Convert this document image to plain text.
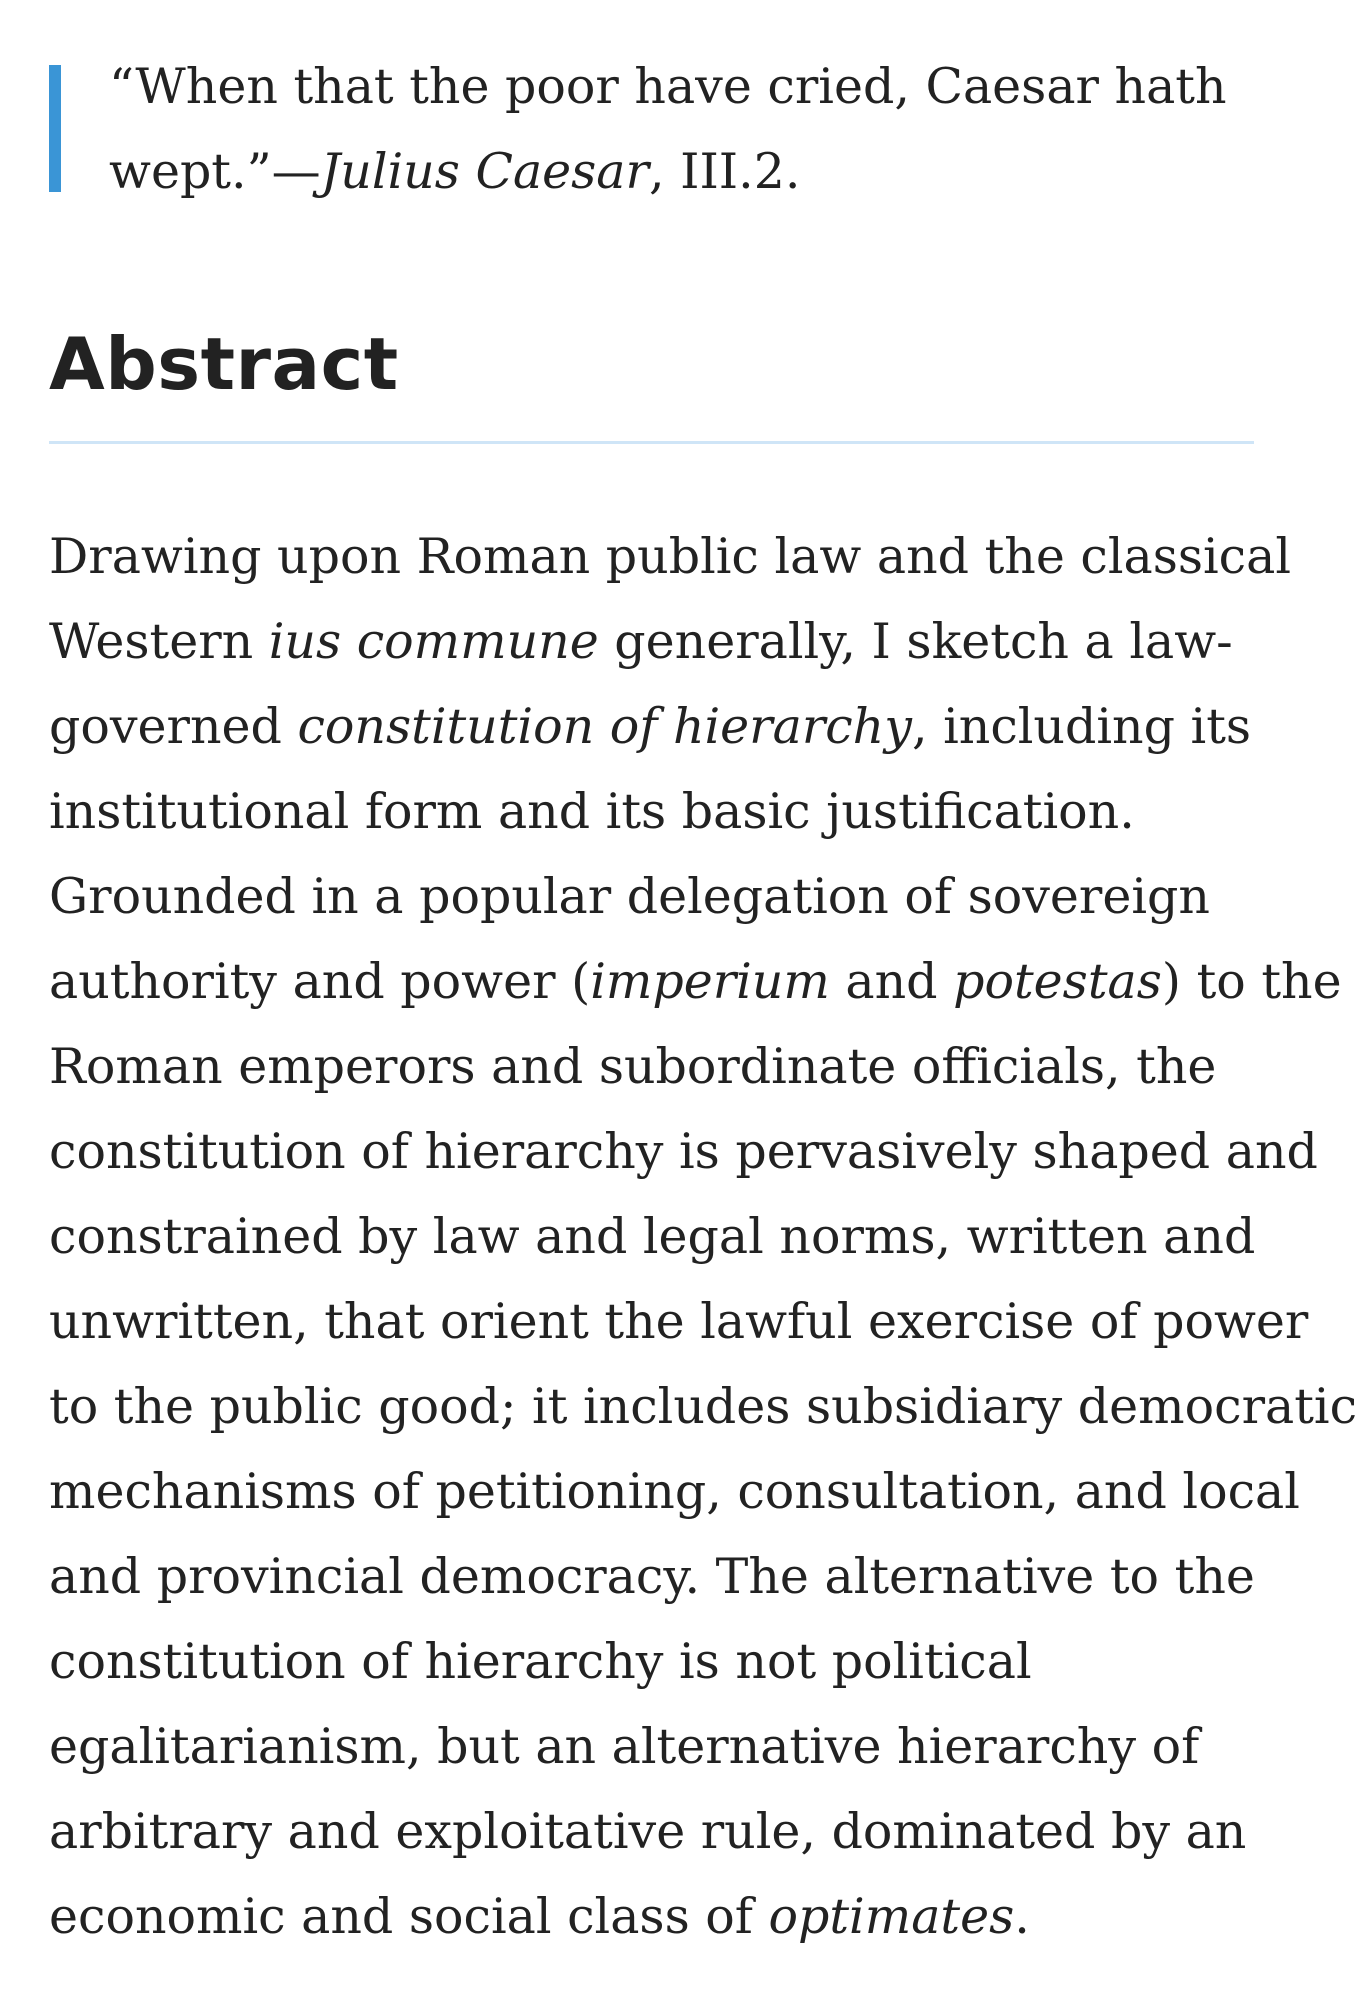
“When that the poor have cried, Caesar hath
wept.”—Julius Caesar, III.2.
Abstract
Drawing upon Roman public law and the classical
Western ius commune generally, I sketch a law-
governed constitution of hierarchy, including its
institutional form and its basic justification.
Grounded in a popular delegation of sovereign
authority and power (imperium and potestas) to the
Roman emperors and subordinate officials, the
constitution of hierarchy is pervasively shaped and
constrained by law and legal norms, written and
unwritten, that orient the lawful exercise of power
to the public good; it includes subsidiary democratic
mechanisms of petitioning, consultation, and local
and provincial democracy. The alternative to the
constitution of hierarchy is not political
egalitarianism, but an alternative hierarchy of
arbitrary and exploitative rule, dominated by an
economic and social class of optimates.
